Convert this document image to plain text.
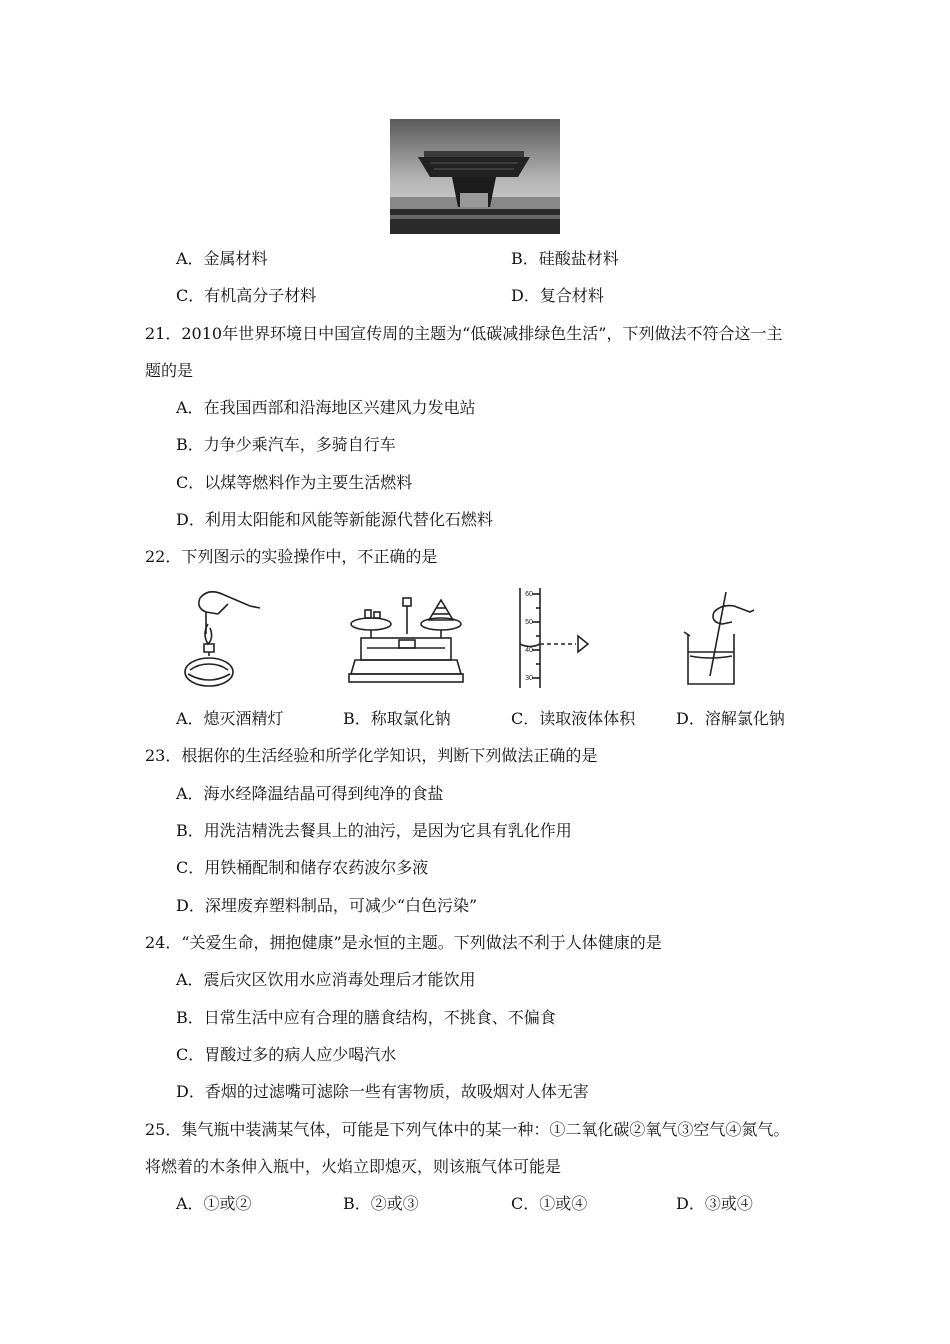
A．金属材料	B．硅酸盐材料
C．有机高分子材料	D．复合材料
21．2010年世界环境日中国宣传周的主题为“低碳减排绿色生活”，下列做法不符合这一主
题的是
A．在我国西部和沿海地区兴建风力发电站
B．力争少乘汽车，多骑自行车
C．以煤等燃料作为主要生活燃料
D．利用太阳能和风能等新能源代替化石燃料
22．下列图示的实验操作中，不正确的是
60
50
40
30
A．熄灭酒精灯	B．称取氯化钠	C．读取液体体积	D．溶解氯化钠
23．根据你的生活经验和所学化学知识，判断下列做法正确的是
A．海水经降温结晶可得到纯净的食盐
B．用洗洁精洗去餐具上的油污，是因为它具有乳化作用
C．用铁桶配制和储存农药波尔多液
D．深埋废弃塑料制品，可减少“白色污染”
24．“关爱生命，拥抱健康”是永恒的主题。下列做法不利于人体健康的是
A．震后灾区饮用水应消毒处理后才能饮用
B．日常生活中应有合理的膳食结构，不挑食、不偏食
C．胃酸过多的病人应少喝汽水
D．香烟的过滤嘴可滤除一些有害物质，故吸烟对人体无害
25．集气瓶中装满某气体，可能是下列气体中的某一种：①二氧化碳②氧气③空气④氮气。
将燃着的木条伸入瓶中，火焰立即熄灭，则该瓶气体可能是
A．①或②	B．②或③	C．①或④	D．③或④
